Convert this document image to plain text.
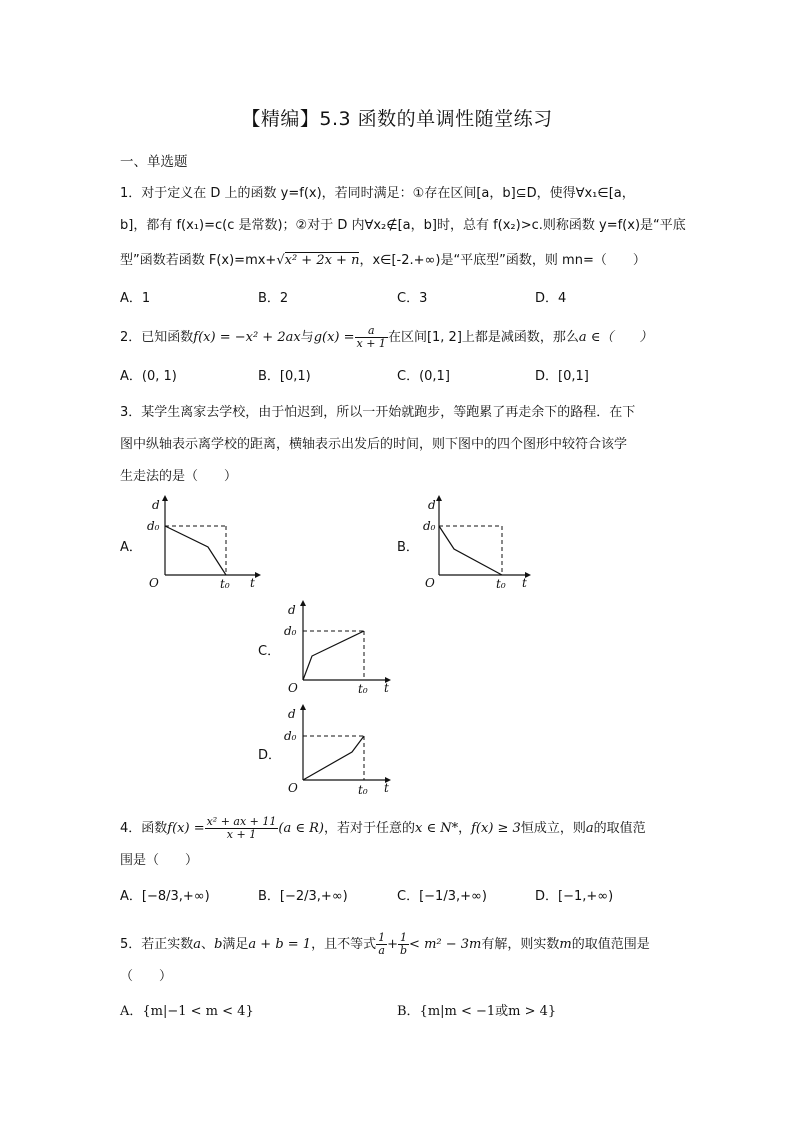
【精编】5.3 函数的单调性随堂练习
一、单选题
1．对于定义在 D 上的函数 y=f(x)，若同时满足：①存在区间[a，b]⊆D，使得∀x₁∈[a，
b]，都有 f(x₁)=c(c 是常数)；②对于 D 内∀x₂∉[a，b]时，总有 f(x₂)>c.则称函数 y=f(x)是“平底
型”函数若函数 F(x)=mx+√x² + 2x + n，x∈[-2.+∞)是“平底型”函数，则 mn=（　　）
A．1	B．2	C．3	D．4
2．已知函数f(x) = −x² + 2ax与$g(x) = \frac{a}{x + 1}$ 在区间[1, 2]上都是减函数，那么a ∈（　　）
A．(0, 1)	B．[0,1)	C．(0,1]	D．[0,1]
3．某学生离家去学校，由于怕迟到，所以一开始就跑步，等跑累了再走余下的路程．在下
图中纵轴表示离学校的距离，横轴表示出发后的时间，则下图中的四个图形中较符合该学
生走法的是（　　）
A．
d
d₀
O	t₀ t
B．
d
d₀
O	t₀ t
C．
d
d₀
O	t₀ t
D．
d
d₀
O	t₀ t
4．函数$f(x) = \frac{\text{x² + ax + 11}}{x + 1} (a$ ∈ R)，若对于任意的x ∈ N*，f(x) ≥ 3恒成立，则a的取值范
围是（　　）
A．[−8/3,+∞)	B．[−2/3,+∞)	C．[−1/3,+∞)	D．[−1,+∞)
5．若正实数a、b满足a + b = 1，且不等式 $\frac{1}{a} + \frac{1}{b} < m^2 - 3m$有解，则实数m的取值范围是
（　　）
A．{m|−1 < m < 4}	B．{m|m < −1或m > 4}
